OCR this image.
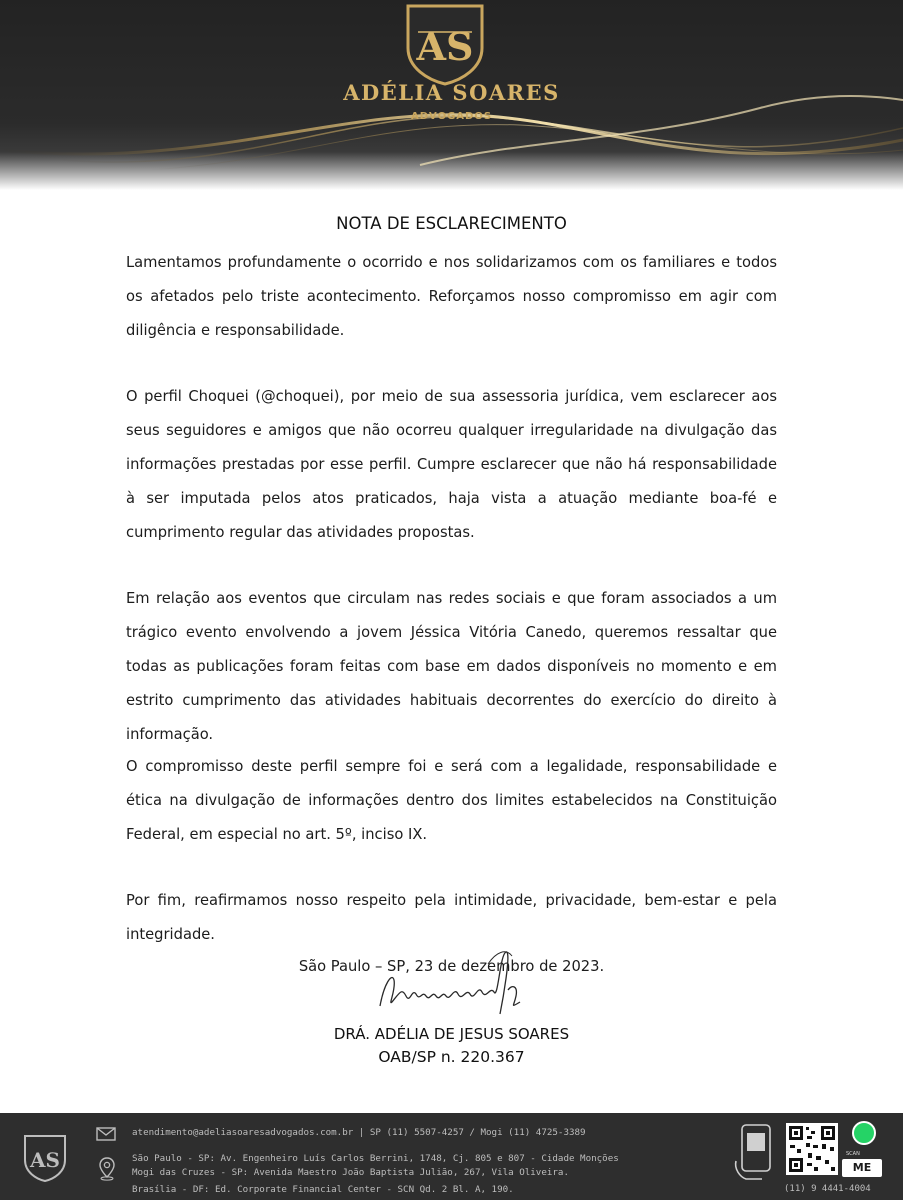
AS
ADÉLIA SOARES
ADVOGADOS
NOTA DE ESCLARECIMENTO

Lamentamos profundamente o ocorrido e nos solidarizamos com os familiares e todos os afetados pelo triste acontecimento. Reforçamos nosso compromisso em agir com diligência e responsabilidade.

O perfil Choquei (@choquei), por meio de sua assessoria jurídica, vem esclarecer aos seus seguidores e amigos que não ocorreu qualquer irregularidade na divulgação das informações prestadas por esse perfil. Cumpre esclarecer que não há responsabilidade à ser imputada pelos atos praticados, haja vista a atuação mediante boa-fé e cumprimento regular das atividades propostas.

Em relação aos eventos que circulam nas redes sociais e que foram associados a um trágico evento envolvendo a jovem Jéssica Vitória Canedo, queremos ressaltar que todas as publicações foram feitas com base em dados disponíveis no momento e em estrito cumprimento das atividades habituais decorrentes do exercício do direito à informação.

O compromisso deste perfil sempre foi e será com a legalidade, responsabilidade e ética na divulgação de informações dentro dos limites estabelecidos na Constituição Federal, em especial no art. 5º, inciso IX.

Por fim, reafirmamos nosso respeito pela intimidade, privacidade, bem-estar e pela integridade.

São Paulo – SP, 23 de dezembro de 2023.
DRÁ. ADÉLIA DE JESUS SOARES
OAB/SP n. 220.367
AS
atendimento@adeliasoaresadvogados.com.br | SP (11) 5507-4257 / Mogi (11) 4725-3389
São Paulo - SP: Av. Engenheiro Luís Carlos Berrini, 1748, Cj. 805 e 807 - Cidade Monções
Mogi das Cruzes - SP: Avenida Maestro João Baptista Julião, 267, Vila Oliveira.
Brasília - DF: Ed. Corporate Financial Center - SCN Qd. 2 Bl. A, 190.
SCAN
ME
(11) 9 4441-4004
